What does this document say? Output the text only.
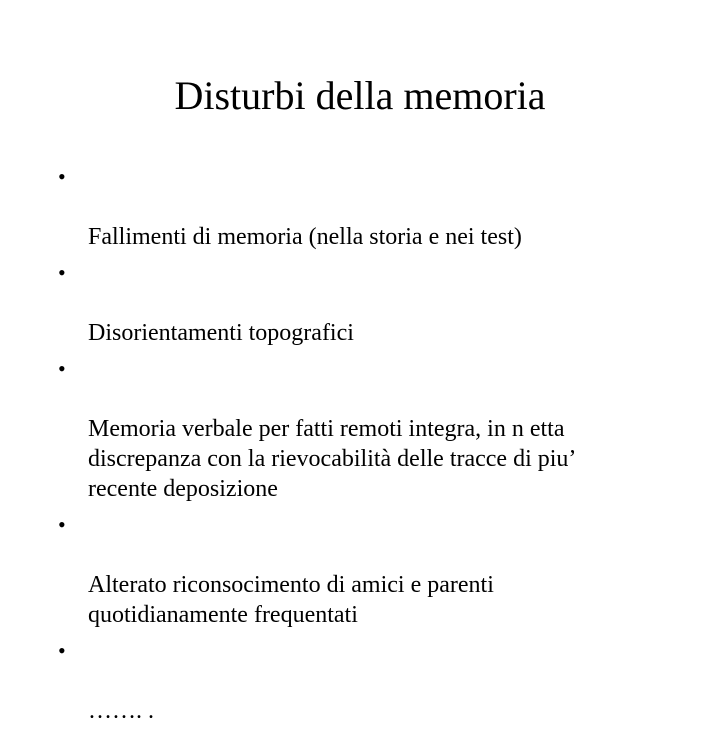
Disturbi della memoria

•

Fallimenti di memoria (nella storia e nei test)

•

Disorientamenti topografici

•

Memoria verbale per fatti remoti integra, in n etta
discrepanza con la rievocabilità delle tracce di piu’
recente deposizione

•

Alterato riconsocimento di amici e parenti
quotidianamente frequentati

•

……. .
